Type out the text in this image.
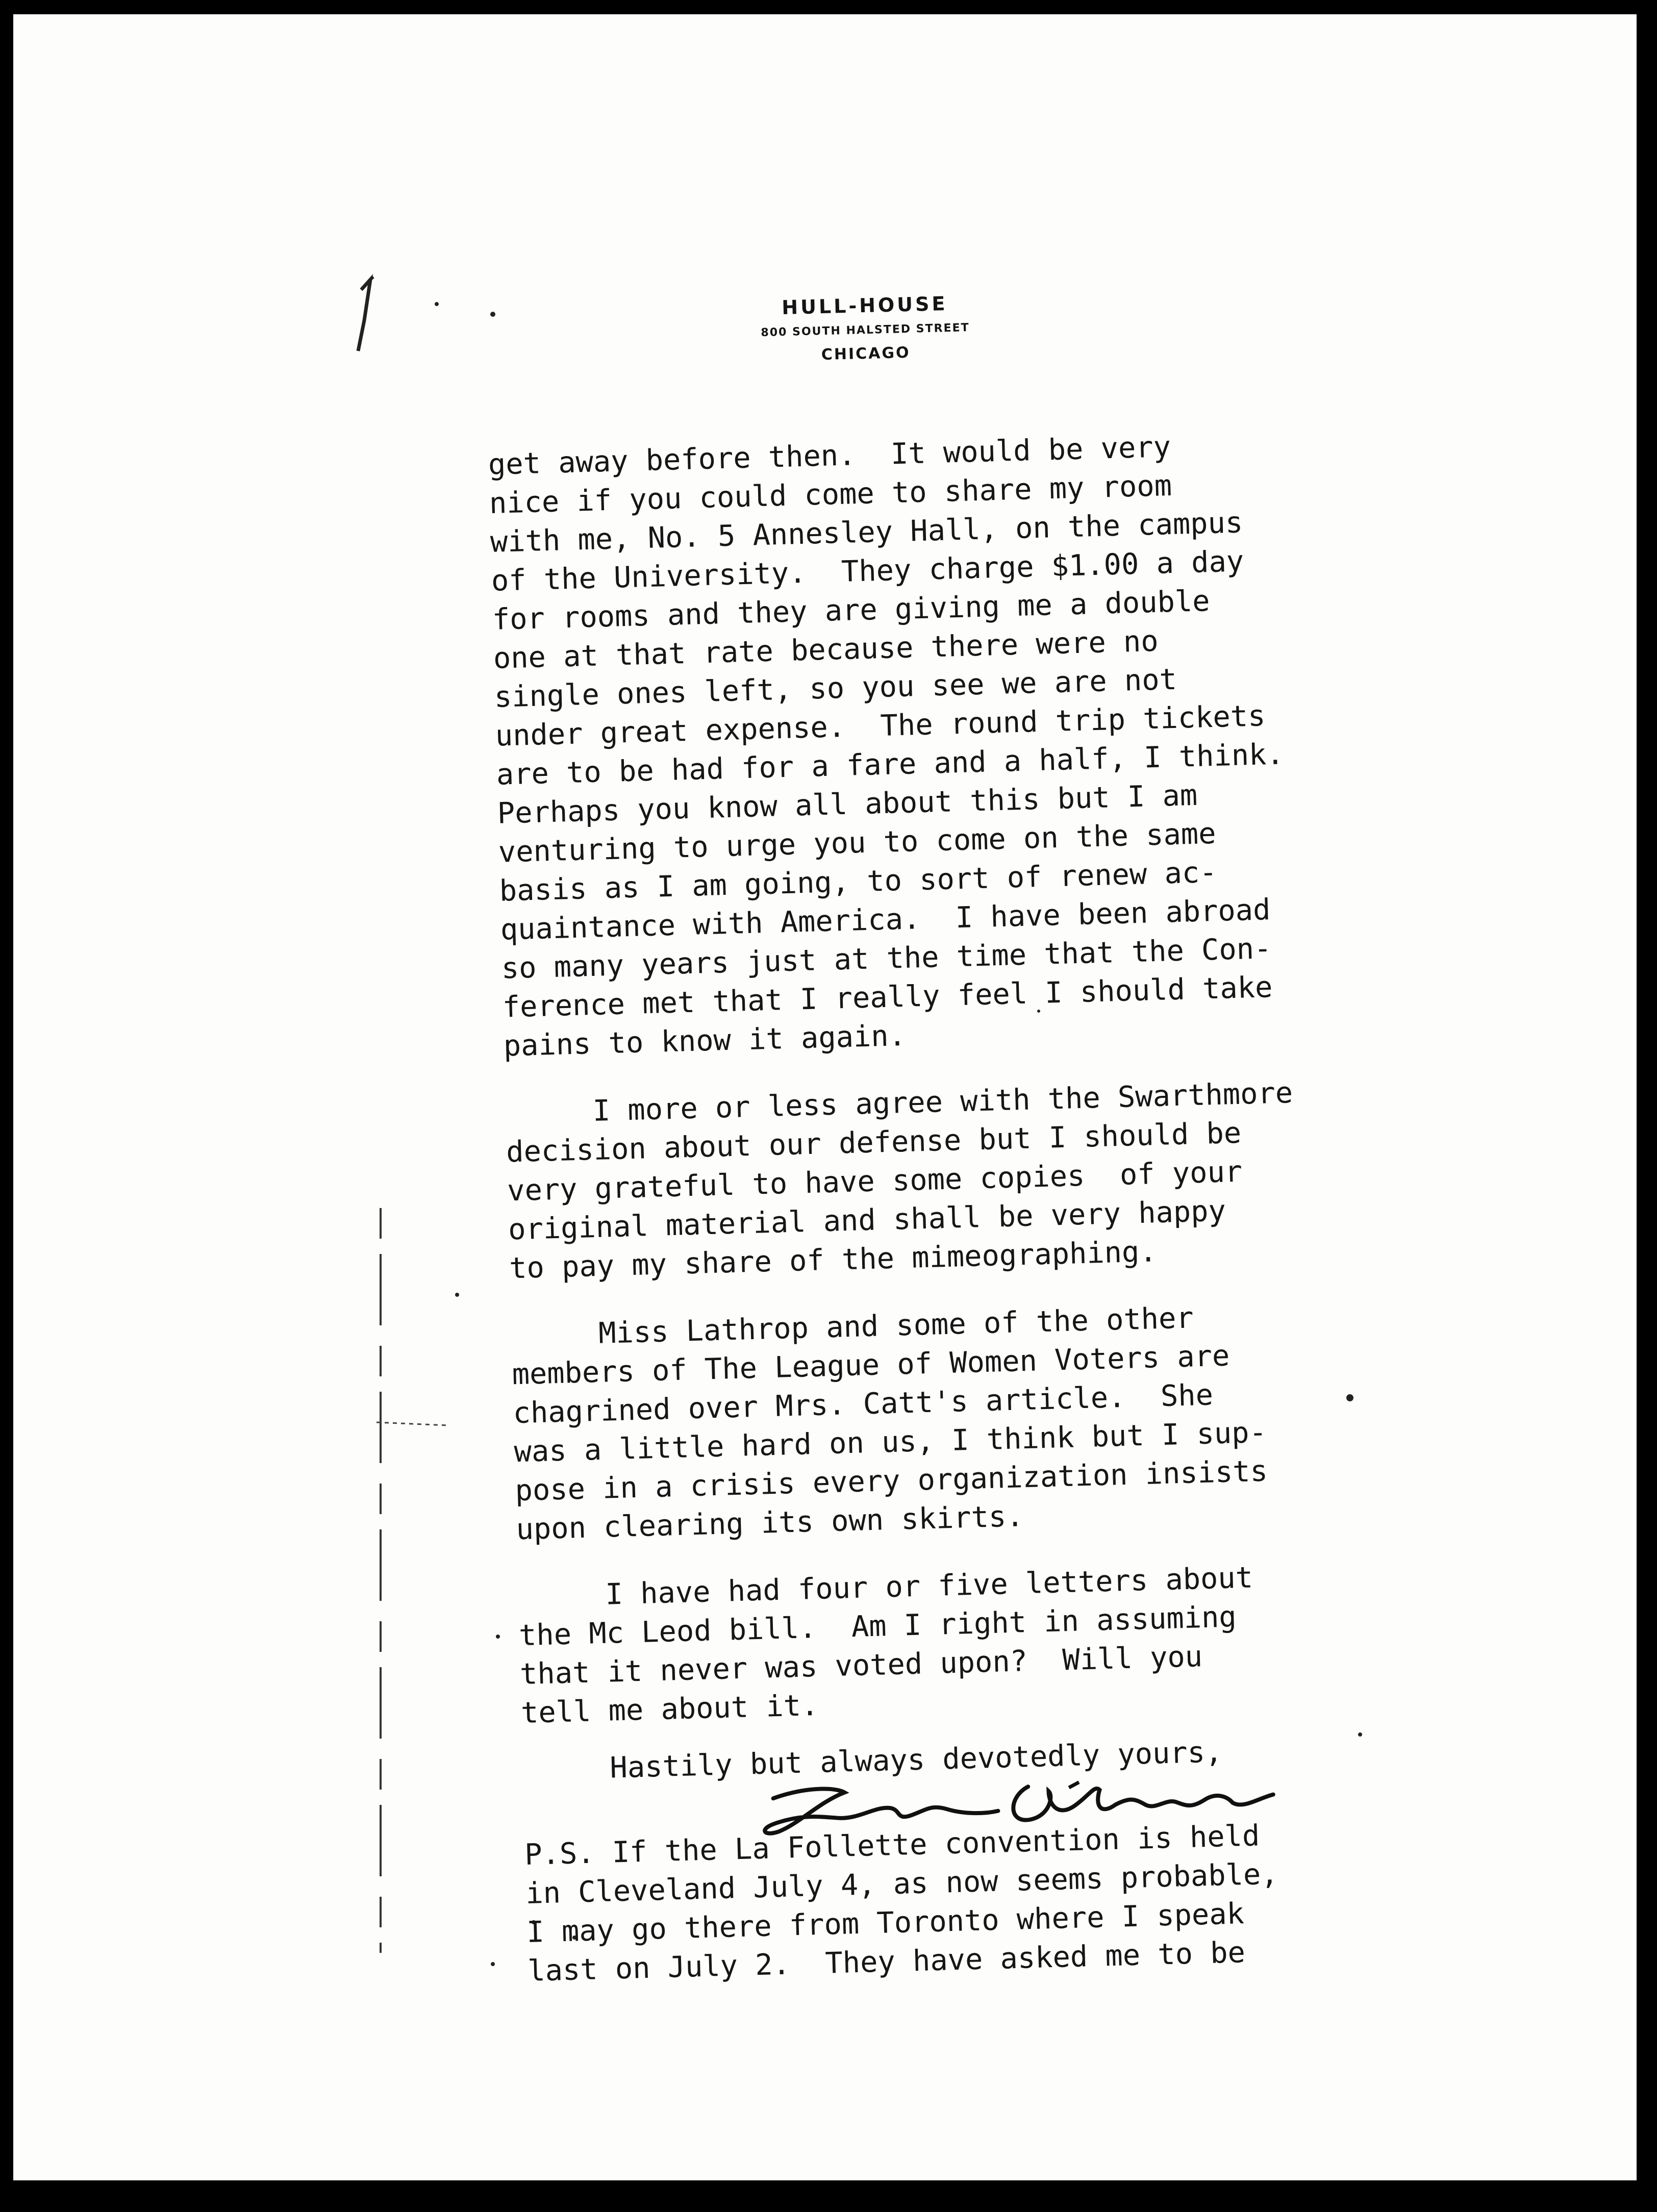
HULL-HOUSE
800 SOUTH HALSTED STREET
CHICAGO
get away before then.  It would be very
nice if you could come to share my room
with me, No. 5 Annesley Hall, on the campus
of the University.  They charge $1.00 a day
for rooms and they are giving me a double
one at that rate because there were no
single ones left, so you see we are not
under great expense.  The round trip tickets
are to be had for a fare and a half, I think.
Perhaps you know all about this but I am
venturing to urge you to come on the same
basis as I am going, to sort of renew ac-
quaintance with America.  I have been abroad
so many years just at the time that the Con-
ference met that I really feel I should take
pains to know it again.
I more or less agree with the Swarthmore
decision about our defense but I should be
very grateful to have some copies  of your
original material and shall be very happy
to pay my share of the mimeographing.
Miss Lathrop and some of the other
members of The League of Women Voters are
chagrined over Mrs. Catt's article.  She
was a little hard on us, I think but I sup-
pose in a crisis every organization insists
upon clearing its own skirts.
I have had four or five letters about
the Mc Leod bill.  Am I right in assuming
that it never was voted upon?  Will you
tell me about it.
Hastily but always devotedly yours,
P.S. If the La Follette convention is held
in Cleveland July 4, as now seems probable,
I may go there from Toronto where I speak
last on July 2.  They have asked me to be
